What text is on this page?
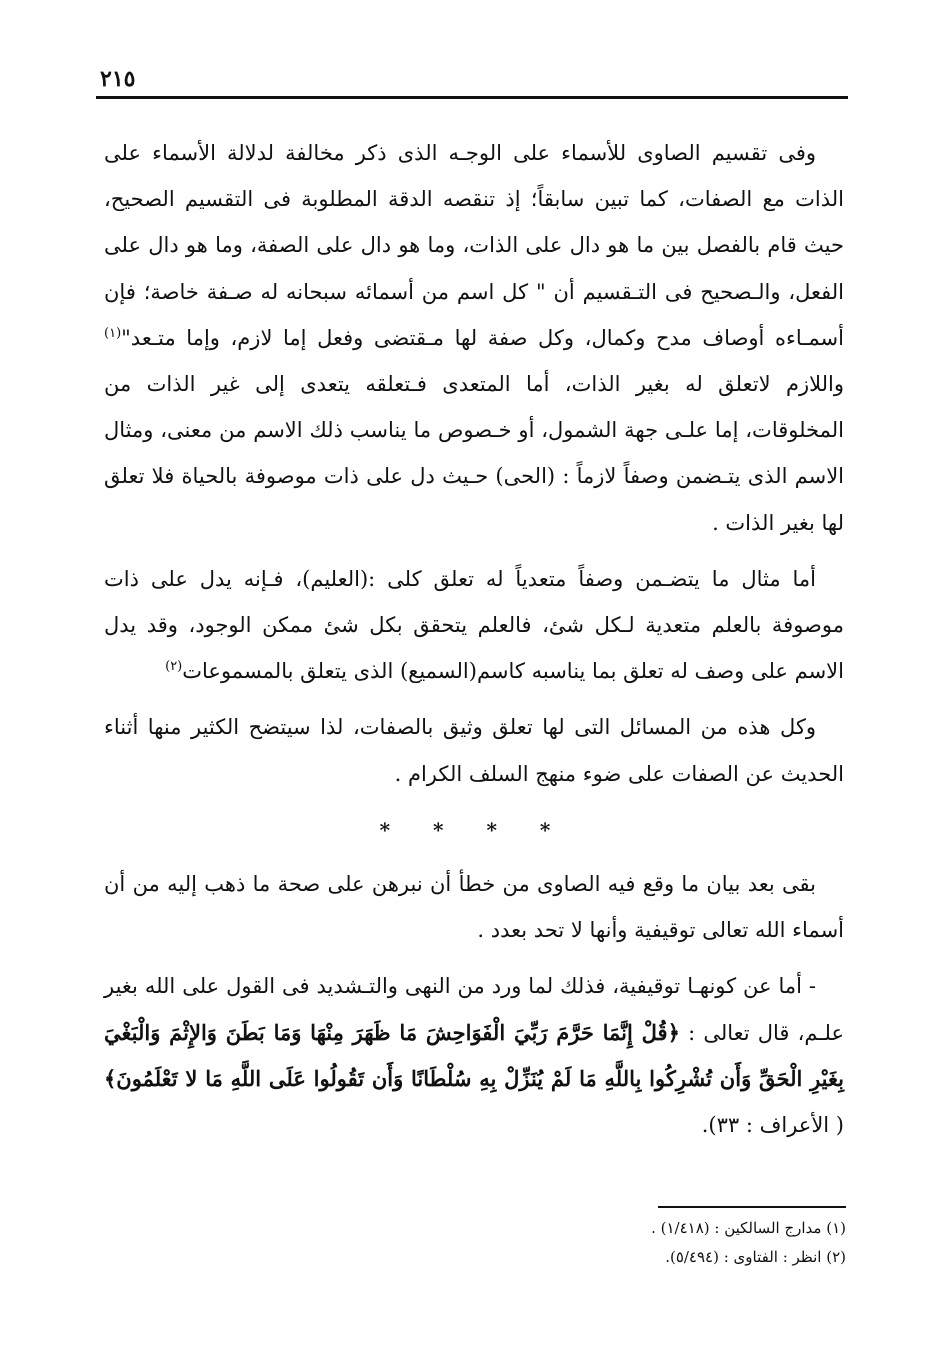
٢١٥

وفى تقسيم الصاوى للأسماء على الوجـه الذى ذكر مخالفة لدلالة الأسماء على الذات مع الصفات، كما تبين سابقاً؛ إذ تنقصه الدقة المطلوبة فى التقسيم الصحيح، حيث قام بالفصل بين ما هو دال على الذات، وما هو دال على الصفة، وما هو دال على الفعل، والـصحيح فى التـقسيم أن " كل اسم من أسمائه سبحانه له صـفة خاصة؛ فإن أسمـاءه أوصاف مدح وكمال، وكل صفة لها مـقتضى وفعل إما لازم، وإما متـعد"$^{(١)}$ واللازم لاتعلق له بغير الذات، أما المتعدى فـتعلقه يتعدى إلى غير الذات من المخلوقات، إما علـى جهة الشمول، أو خـصوص ما يناسب ذلك الاسم من معنى، ومثال الاسم الذى يتـضمن وصفاً لازماً : (الحى) حـيث دل على ذات موصوفة بالحياة فلا تعلق لها بغير الذات .

أما مثال ما يتضـمن وصفاً متعدياً له تعلق كلى :(العليم)، فـإنه يدل على ذات موصوفة بالعلم متعدية لـكل شئ، فالعلم يتحقق بكل شئ ممكن الوجود، وقد يدل الاسم على وصف له تعلق بما يناسبه كاسم(السميع) الذى يتعلق بالمسموعات$^{(٢)}$

وكل هذه من المسائل التى لها تعلق وثيق بالصفات، لذا سيتضح الكثير منها أثناء الحديث عن الصفات على ضوء منهج السلف الكرام .

* * * *

بقى بعد بيان ما وقع فيه الصاوى من خطأ أن نبرهن على صحة ما ذهب إليه من أن أسماء الله تعالى توقيفية وأنها لا تحد بعدد .

- أما عن كونهـا توقيفية، فذلك لما ورد من النهى والتـشديد فى القول على الله بغير علـم، قال تعالى : ﴿قُلْ إِنَّمَا حَرَّمَ رَبِّيَ الْفَوَاحِشَ مَا ظَهَرَ مِنْهَا وَمَا بَطَنَ وَالإِثْمَ وَالْبَغْيَ بِغَيْرِ الْحَقِّ وَأَن تُشْرِكُوا بِاللَّهِ مَا لَمْ يُنَزِّلْ بِهِ سُلْطَانًا وَأَن تَقُولُوا عَلَى اللَّهِ مَا لا تَعْلَمُونَ﴾ ( الأعراف : ٣٣).

(١) مدارج السالكين : (١/٤١٨) .

(٢) انظر : الفتاوى : (٥/٤٩٤).
